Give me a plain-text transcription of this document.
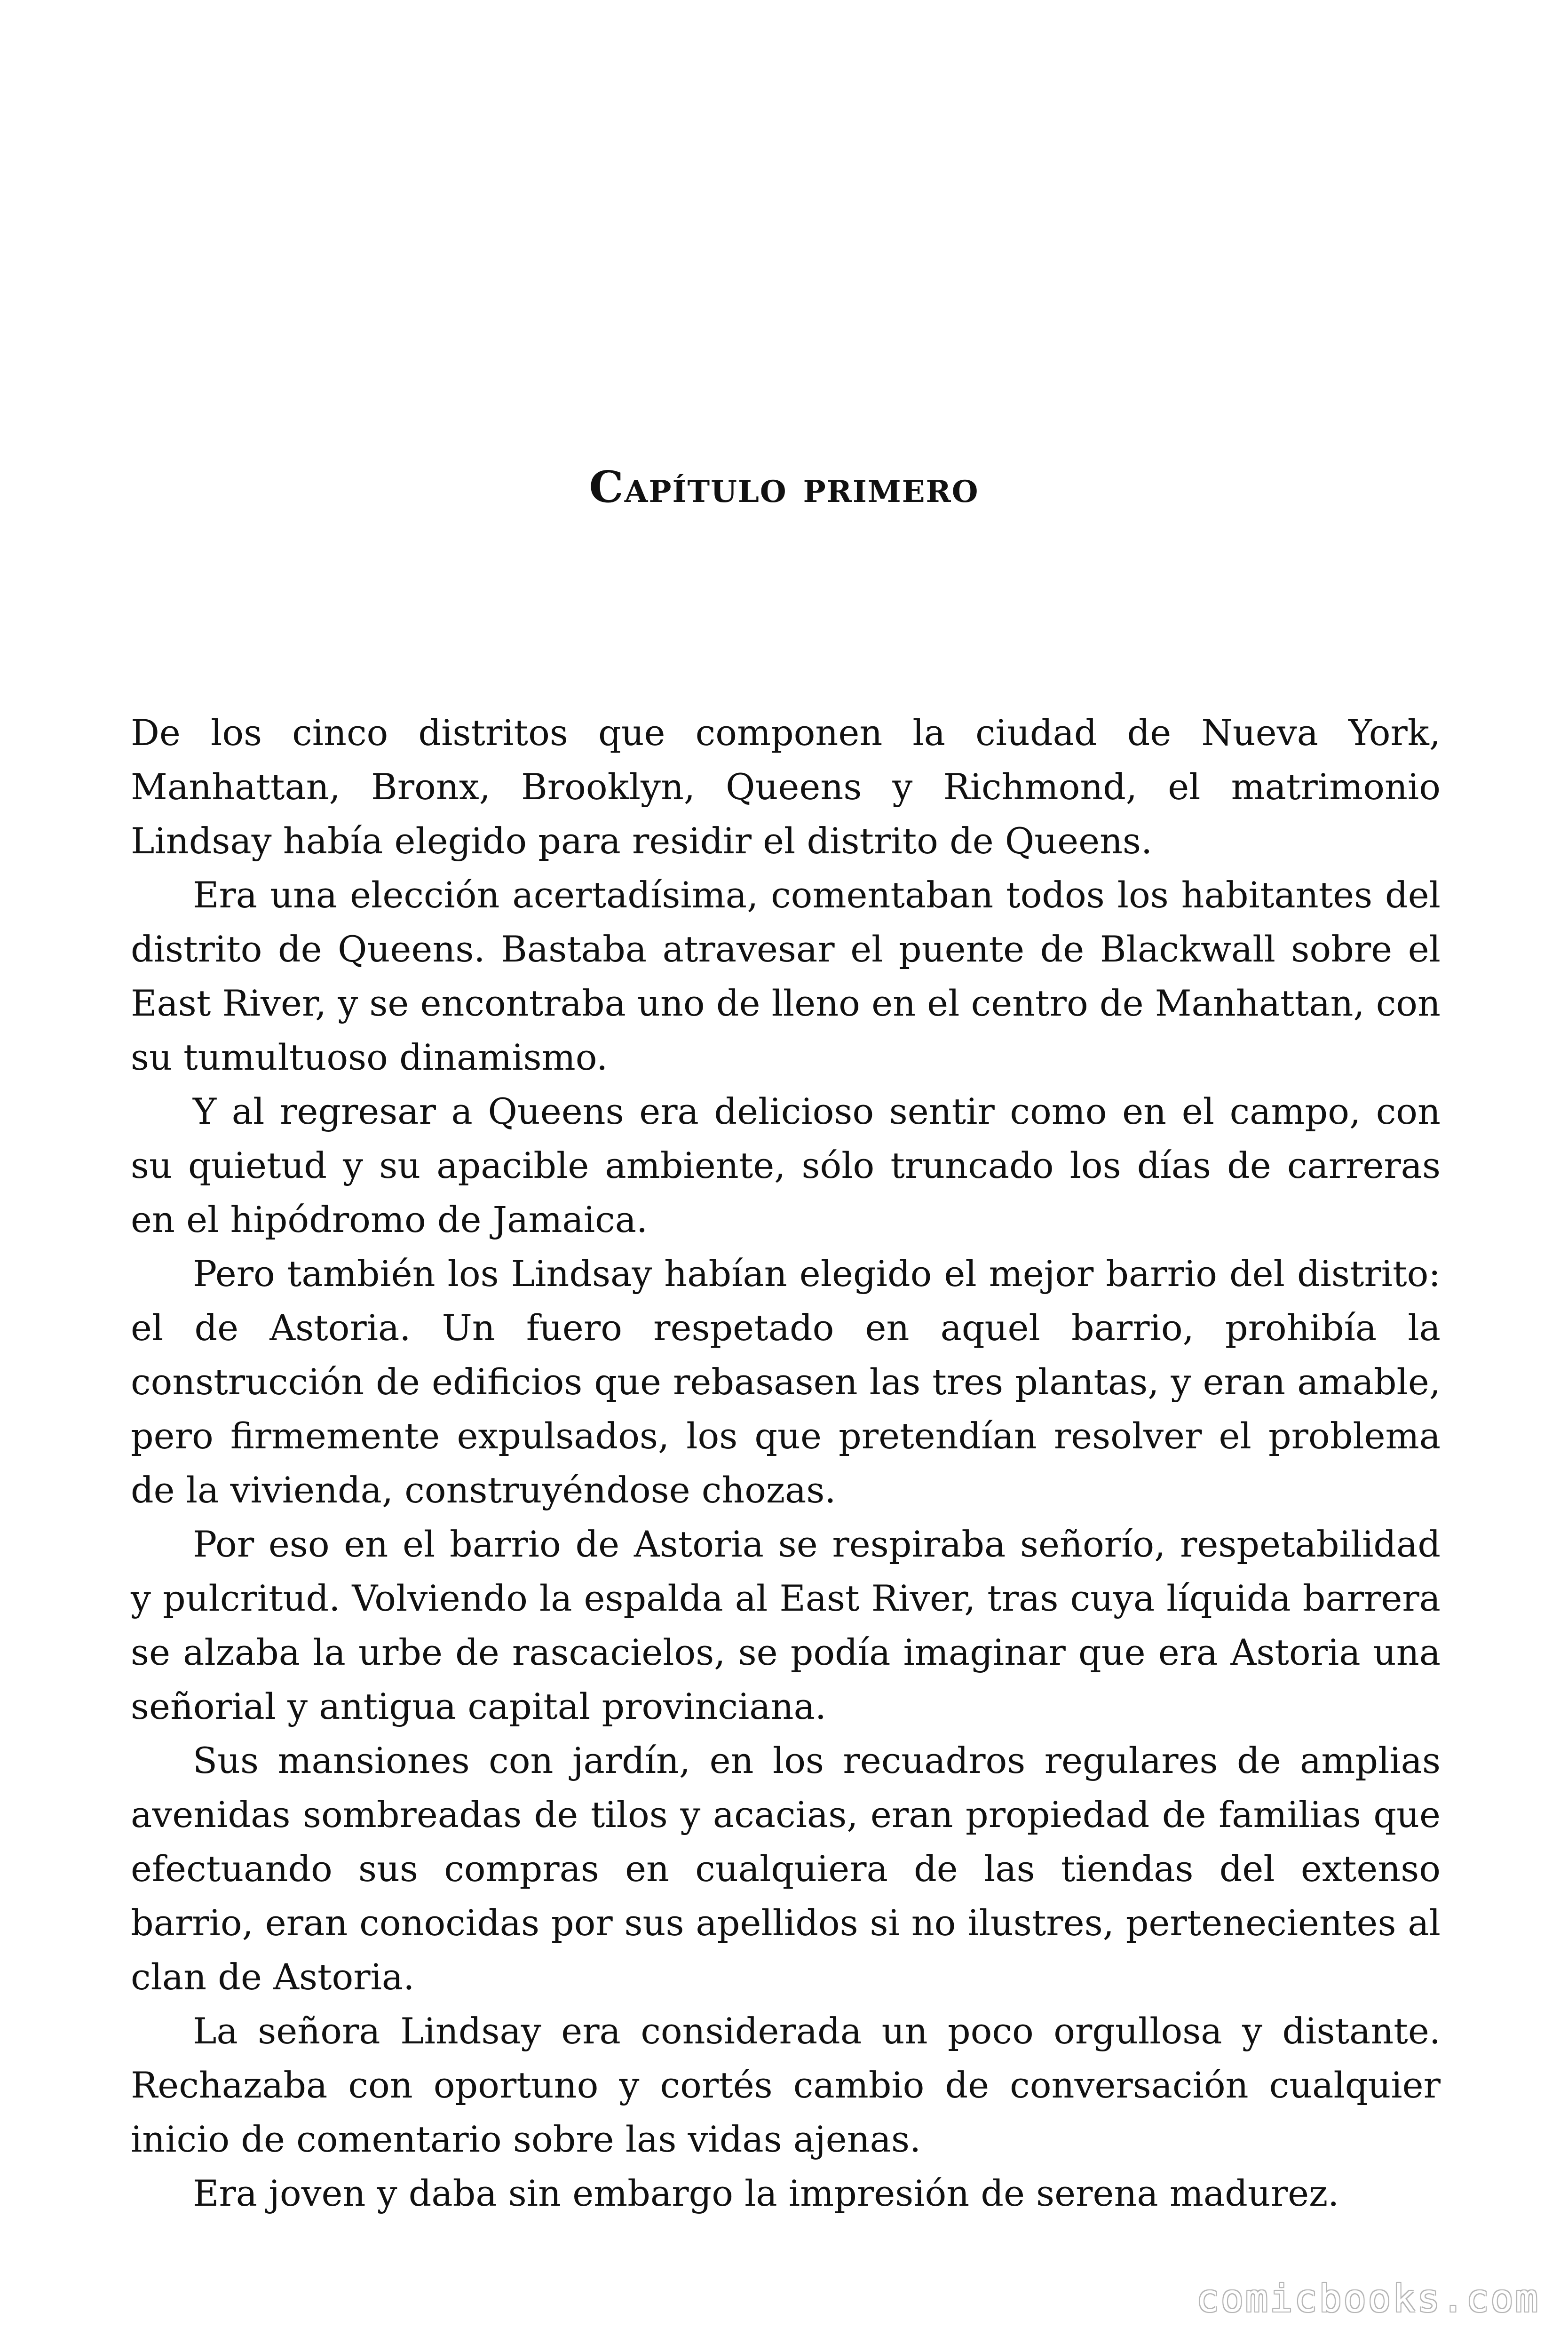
Capítulo primero

De los cinco distritos que componen la ciudad de Nueva York, Manhattan, Bronx, Brooklyn, Queens y Richmond, el matrimonio Lindsay había elegido para residir el distrito de Queens.

Era una elección acertadísima, comentaban todos los habitantes del distrito de Queens. Bastaba atravesar el puente de Blackwall sobre el East River, y se encontraba uno de lleno en el centro de Manhattan, con su tumultuoso dinamismo.

Y al regresar a Queens era delicioso sentir como en el campo, con su quietud y su apacible ambiente, sólo truncado los días de carreras en el hipódromo de Jamaica.

Pero también los Lindsay habían elegido el mejor barrio del distrito: el de Astoria. Un fuero respetado en aquel barrio, prohibía la construcción de edificios que rebasasen las tres plantas, y eran amable, pero firmemente expulsados, los que pretendían resolver el problema de la vivienda, construyéndose chozas.

Por eso en el barrio de Astoria se respiraba señorío, respetabilidad y pulcritud. Volviendo la espalda al East River, tras cuya líquida barrera se alzaba la urbe de rascacielos, se podía imaginar que era Astoria una señorial y antigua capital provinciana.

Sus mansiones con jardín, en los recuadros regulares de amplias avenidas sombreadas de tilos y acacias, eran propiedad de familias que efectuando sus compras en cualquiera de las tiendas del extenso barrio, eran conocidas por sus apellidos si no ilustres, pertenecientes al clan de Astoria.

La señora Lindsay era considerada un poco orgullosa y distante. Rechazaba con oportuno y cortés cambio de conversación cualquier inicio de comentario sobre las vidas ajenas.

Era joven y daba sin embargo la impresión de serena madurez.

comicbooks.com
